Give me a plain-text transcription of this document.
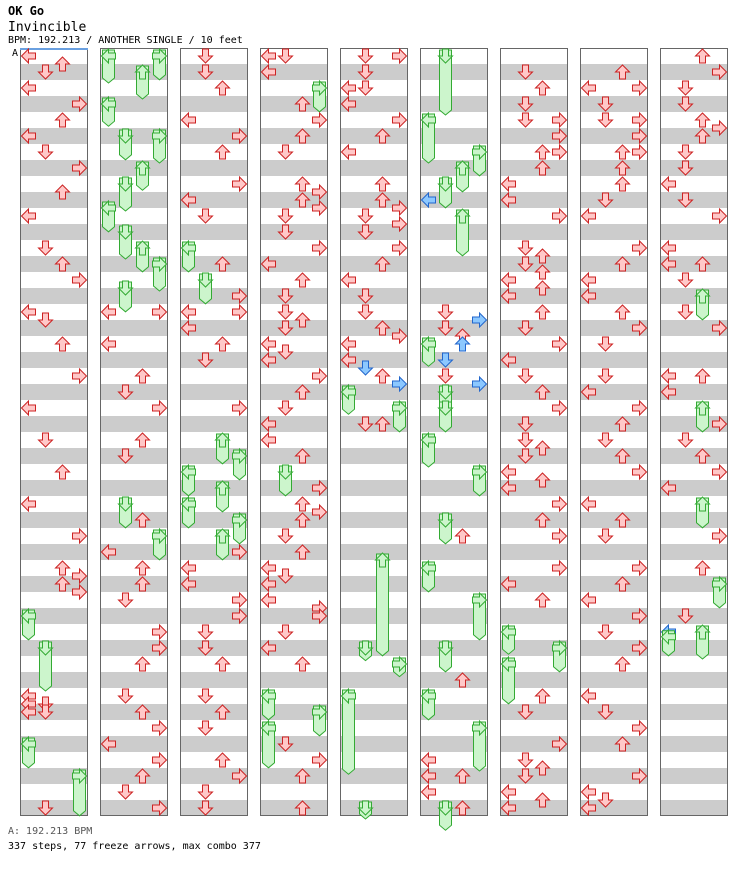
OK Go
Invincible
BPM: 192.213 / ANOTHER SINGLE / 10 feet
A
A: 192.213 BPM
337 steps, 77 freeze arrows, max combo 377
